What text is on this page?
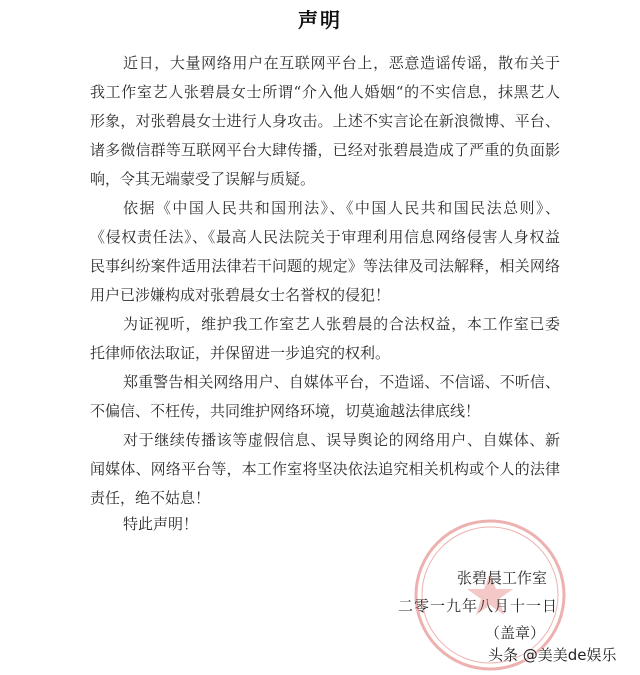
声明
近日，大量网络用户在互联网平台上，恶意造谣传谣，散布关于
我工作室艺人张碧晨女士所谓“介入他人婚姻“的不实信息，抹黑艺人
形象，对张碧晨女士进行人身攻击。上述不实言论在新浪微博、平台、
诸多微信群等互联网平台大肆传播，已经对张碧晨造成了严重的负面影
响，令其无端蒙受了误解与质疑。
依据《中国人民共和国刑法》、《中国人民共和国民法总则》、
《侵权责任法》、《最高人民法院关于审理利用信息网络侵害人身权益
民事纠纷案件适用法律若干问题的规定》等法律及司法解释，相关网络
用户已涉嫌构成对张碧晨女士名誉权的侵犯！
为证视听，维护我工作室艺人张碧晨的合法权益，本工作室已委
托律师依法取证，并保留进一步追究的权利。
郑重警告相关网络用户、自媒体平台，不造谣、不信谣、不听信、
不偏信、不枉传，共同维护网络环境，切莫逾越法律底线！
对于继续传播该等虚假信息、误导舆论的网络用户、自媒体、新
闻媒体、网络平台等，本工作室将坚决依法追究相关机构或个人的法律
责任，绝不姑息！
特此声明！
张碧晨工作室
二零一九年八月十一日
（盖章）
头条 @美美de娱乐
